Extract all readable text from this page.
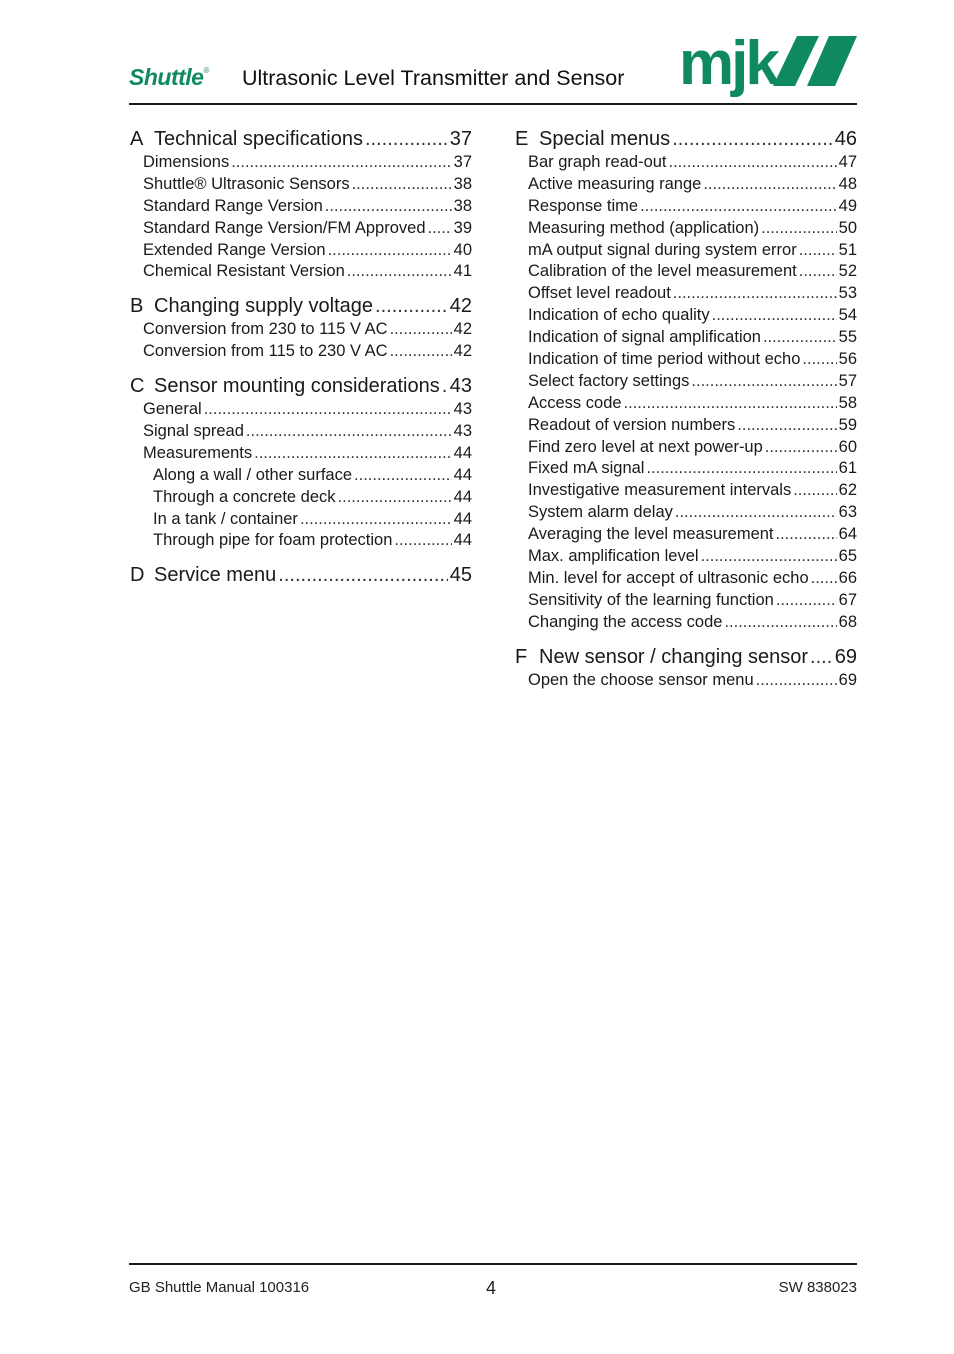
Shuttle® Ultrasonic Level Transmitter and Sensor mjk
A Technical specifications .....	37
Dimensions .....	37
Shuttle® Ultrasonic Sensors .....	38
Standard Range Version .....	38
Standard Range Version/FM Approved ..... 39
Extended Range Version .....	40
Chemical Resistant Version .....	41
B Changing supply voltage .....	42
Conversion from 230 to 115 V AC .....	42
Conversion from 115 to 230 V AC .....	42
C Sensor mounting considerations ..... 43
General .....	43
Signal spread .....	43
Measurements .....	44
Along a wall / other surface .....	44
Through a concrete deck .....	44
In a tank / container .....	44
Through pipe for foam protection .....	44
D Service menu .....	45
E Special menus .....	46
Bar graph read-out .....	47
Active measuring range .....	48
Response time .....	49
Measuring method (application) .....	50
mA output signal during system error .....	51
Calibration of the level measurement .....	52
Offset level readout .....	53
Indication of echo quality .....	54
Indication of signal amplification .....	55
Indication of time period without echo ..... 56
Select factory settings .....	57
Access code .....	58
Readout of version numbers .....	59
Find zero level at next power-up .....	60
Fixed mA signal .....	61
Investigative measurement intervals .....	62
System alarm delay .....	63
Averaging the level measurement .....	64
Max. amplification level .....	65
Min. level for accept of ultrasonic echo ..... 66
Sensitivity of the learning function .....	67
Changing the access code .....	68
F New sensor / changing sensor ..... 69
Open the choose sensor menu .....	69
GB Shuttle Manual 100316	4	SW 838023
